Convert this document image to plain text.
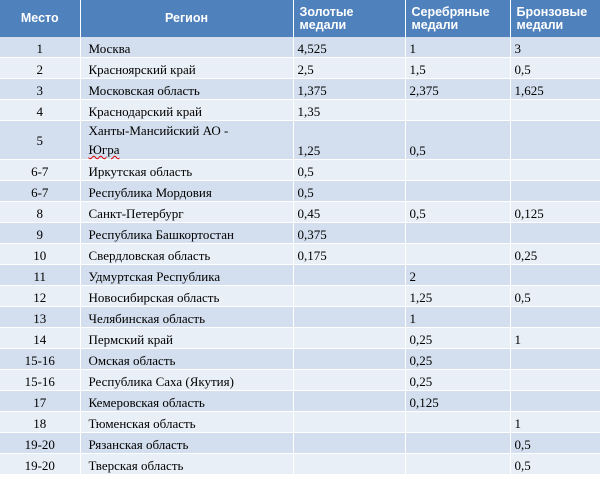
Место	Регион	Золотые медали	Серебряные медали	Бронзовые медали
1	Москва	4,525	1	3
2	Красноярский край	2,5	1,5	0,5
3	Московская область	1,375	2,375	1,625
4	Краснодарский край	1,35		
5	Ханты-Мансийский АО -
Югра	1,25	0,5	
6-7	Иркутская область	0,5		
6-7	Республика Мордовия	0,5		
8	Санкт-Петербург	0,45	0,5	0,125
9	Республика Башкортостан	0,375		
10	Свердловская область	0,175		0,25
11	Удмуртская Республика		2	
12	Новосибирская область		1,25	0,5
13	Челябинская область		1	
14	Пермский край		0,25	1
15-16	Омская область		0,25	
15-16	Республика Саха (Якутия)		0,25	
17	Кемеровская область		0,125	
18	Тюменская область			1
19-20	Рязанская область			0,5
19-20	Тверская область			0,5
